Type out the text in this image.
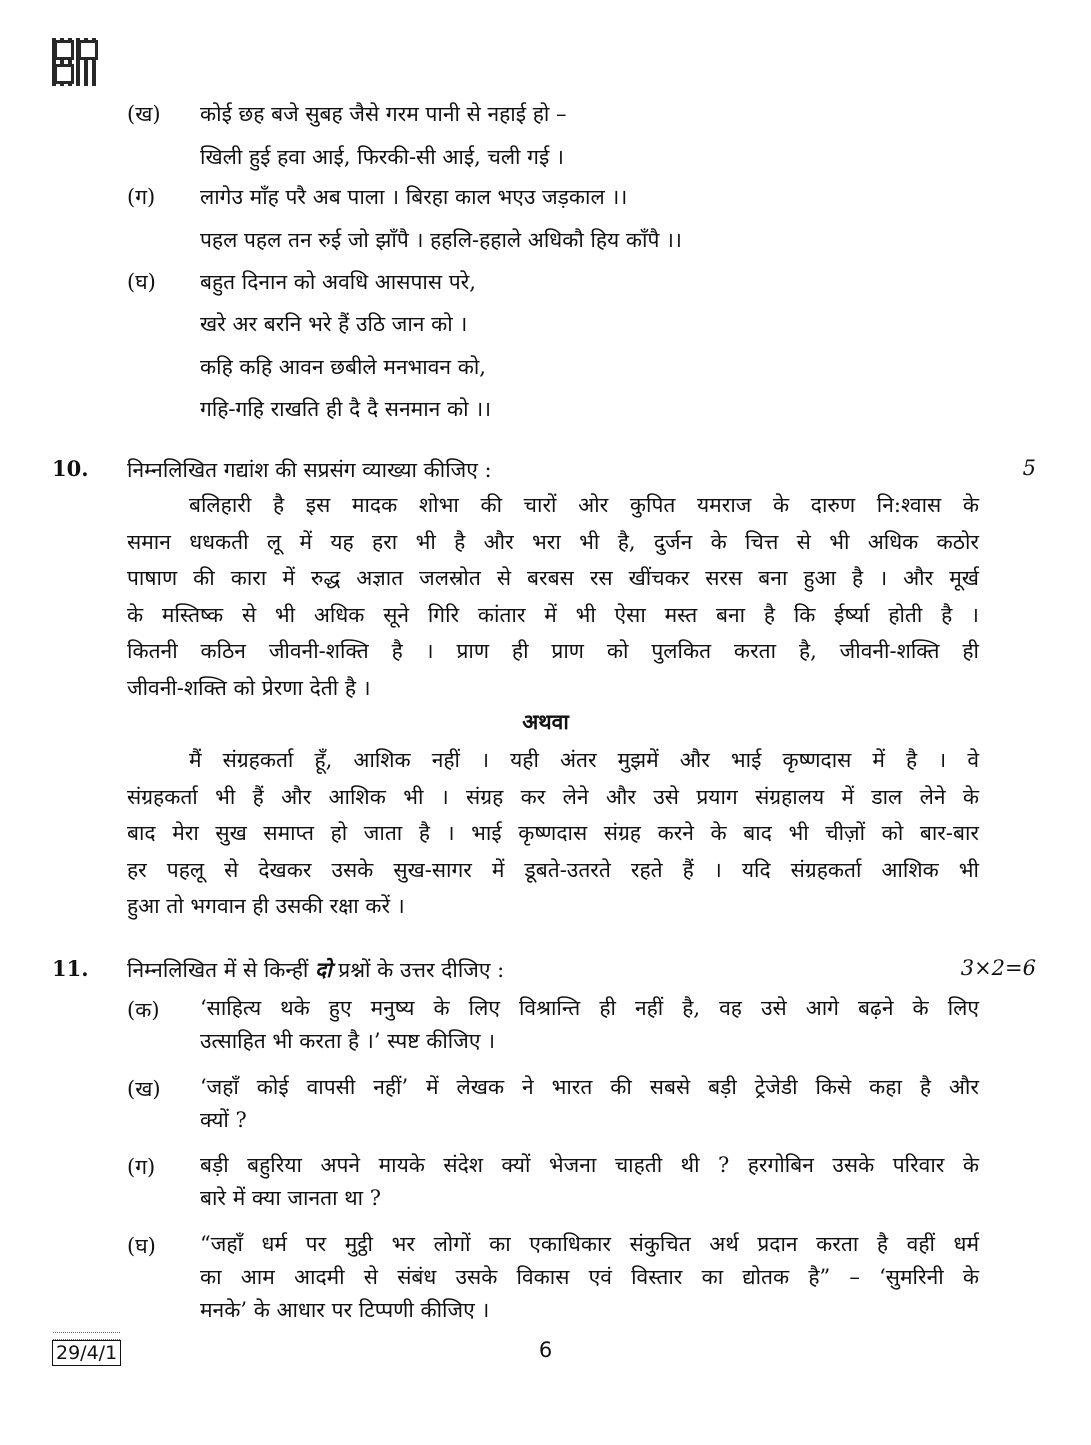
(ख) कोई छह बजे सुबह जैसे गरम पानी से नहाई हो –
खिली हुई हवा आई, फिरकी-सी आई, चली गई ।
(ग) लागेउ माँह परै अब पाला । बिरहा काल भएउ जड़काल ।।
पहल पहल तन रुई जो झाँपै । हहलि-हहाले अधिकौ हिय काँपै ।।
(घ) बहुत दिनान को अवधि आसपास परे,
खरे अर बरनि भरे हैं उठि जान को ।
कहि कहि आवन छबीले मनभावन को,
गहि-गहि राखति ही दै दै सनमान को ।।
10. निम्नलिखित गद्यांश की सप्रसंग व्याख्या कीजिए :	5
बलिहारी है इस मादक शोभा की चारों ओर कुपित यमराज के दारुण नि:श्वास के
समान धधकती लू में यह हरा भी है और भरा भी है, दुर्जन के चित्त से भी अधिक कठोर
पाषाण की कारा में रुद्ध अज्ञात जलस्रोत से बरबस रस खींचकर सरस बना हुआ है । और मूर्ख
के मस्तिष्क से भी अधिक सूने गिरि कांतार में भी ऐसा मस्त बना है कि ईर्ष्या होती है ।
कितनी कठिन जीवनी-शक्ति है । प्राण ही प्राण को पुलकित करता है, जीवनी-शक्ति ही
जीवनी-शक्ति को प्रेरणा देती है ।
अथवा
मैं संग्रहकर्ता हूँ, आशिक नहीं । यही अंतर मुझमें और भाई कृष्णदास में है । वे
संग्रहकर्ता भी हैं और आशिक भी । संग्रह कर लेने और उसे प्रयाग संग्रहालय में डाल लेने के
बाद मेरा सुख समाप्त हो जाता है । भाई कृष्णदास संग्रह करने के बाद भी चीज़ों को बार-बार
हर पहलू से देखकर उसके सुख-सागर में डूबते-उतरते रहते हैं । यदि संग्रहकर्ता आशिक भी
हुआ तो भगवान ही उसकी रक्षा करें ।
11. निम्नलिखित में से किन्हीं दो प्रश्नों के उत्तर दीजिए :	3×2=6
(क) ‘साहित्य थके हुए मनुष्य के लिए विश्रान्ति ही नहीं है, वह उसे आगे बढ़ने के लिए
उत्साहित भी करता है ।’ स्पष्ट कीजिए ।
(ख) ‘जहाँ कोई वापसी नहीं’ में लेखक ने भारत की सबसे बड़ी ट्रेजेडी किसे कहा है और
क्यों ?
(ग) बड़ी बहुरिया अपने मायके संदेश क्यों भेजना चाहती थी ? हरगोबिन उसके परिवार के
बारे में क्या जानता था ?
29/4/1	6
(घ) “जहाँ धर्म पर मुट्ठी भर लोगों का एकाधिकार संकुचित अर्थ प्रदान करता है वहीं धर्म
का आम आदमी से संबंध उसके विकास एवं विस्तार का द्योतक है” – ‘सुमरिनी के
मनके’ के आधार पर टिप्पणी कीजिए ।
